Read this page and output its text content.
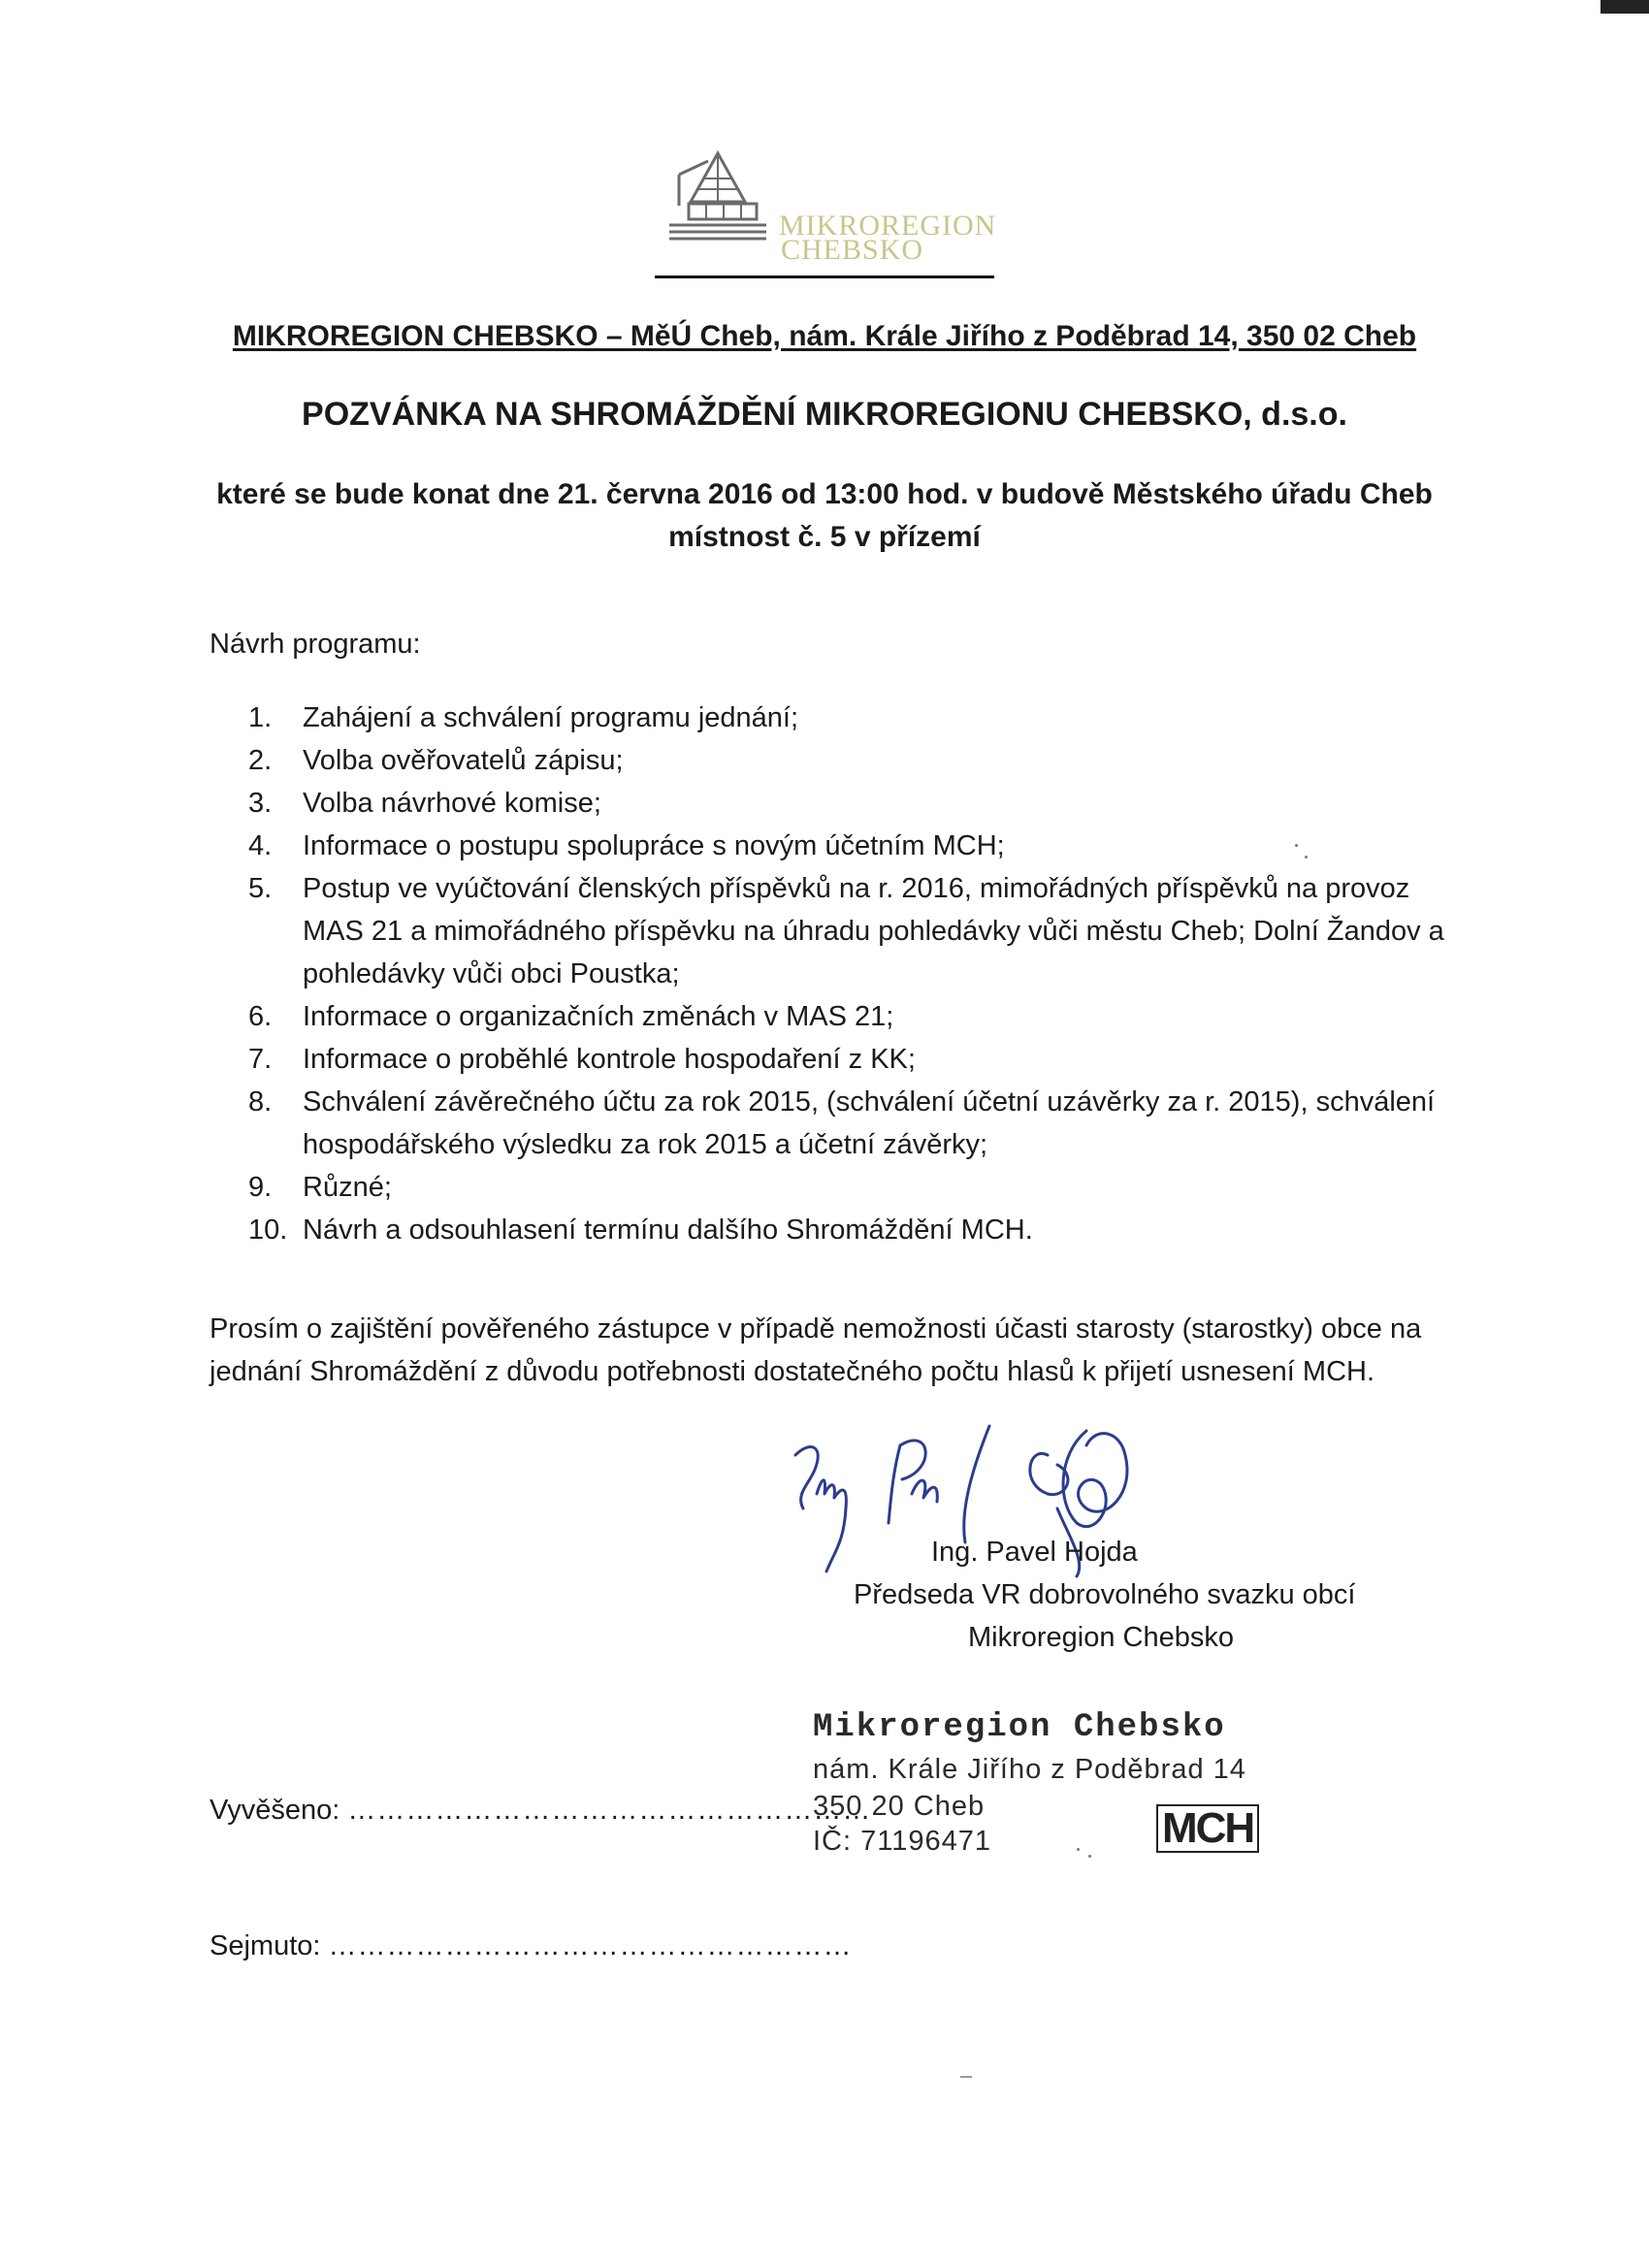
MIKROREGION
CHEBSKO
MIKROREGION CHEBSKO – MěÚ Cheb, nám. Krále Jiřího z Poděbrad 14, 350 02 Cheb
POZVÁNKA NA SHROMÁŽDĚNÍ MIKROREGIONU CHEBSKO, d.s.o.
které se bude konat dne 21. června 2016 od 13:00 hod. v budově Městského úřadu Cheb
místnost č. 5 v přízemí
Návrh programu:
1.	Zahájení a schválení programu jednání;
2.	Volba ověřovatelů zápisu;
3.	Volba návrhové komise;
4.	Informace o postupu spolupráce s novým účetním MCH;
5.	Postup ve vyúčtování členských příspěvků na r. 2016, mimořádných příspěvků na provoz MAS 21 a mimořádného příspěvku na úhradu pohledávky vůči městu Cheb; Dolní Žandov a pohledávky vůči obci Poustka;
6.	Informace o organizačních změnách v MAS 21;
7.	Informace o proběhlé kontrole hospodaření z KK;
8.	Schválení závěrečného účtu za rok 2015, (schválení účetní uzávěrky za r. 2015), schválení hospodářského výsledku za rok 2015 a účetní závěrky;
9.	Různé;
10. Návrh a odsouhlasení termínu dalšího Shromáždění MCH.
Prosím o zajištění pověřeného zástupce v případě nemožnosti účasti starosty (starostky) obce na jednání Shromáždění z důvodu potřebnosti dostatečného počtu hlasů k přijetí usnesení MCH.
Ing. Pavel Hojda
Předseda VR dobrovolného svazku obcí
Mikroregion Chebsko
Mikroregion Chebsko
nám. Krále Jiřího z Poděbrad 14
350 20 Cheb
IČ: 71196471	MCH
Vyvěšeno: ………………………………………………
Sejmuto: ………………………………………………
